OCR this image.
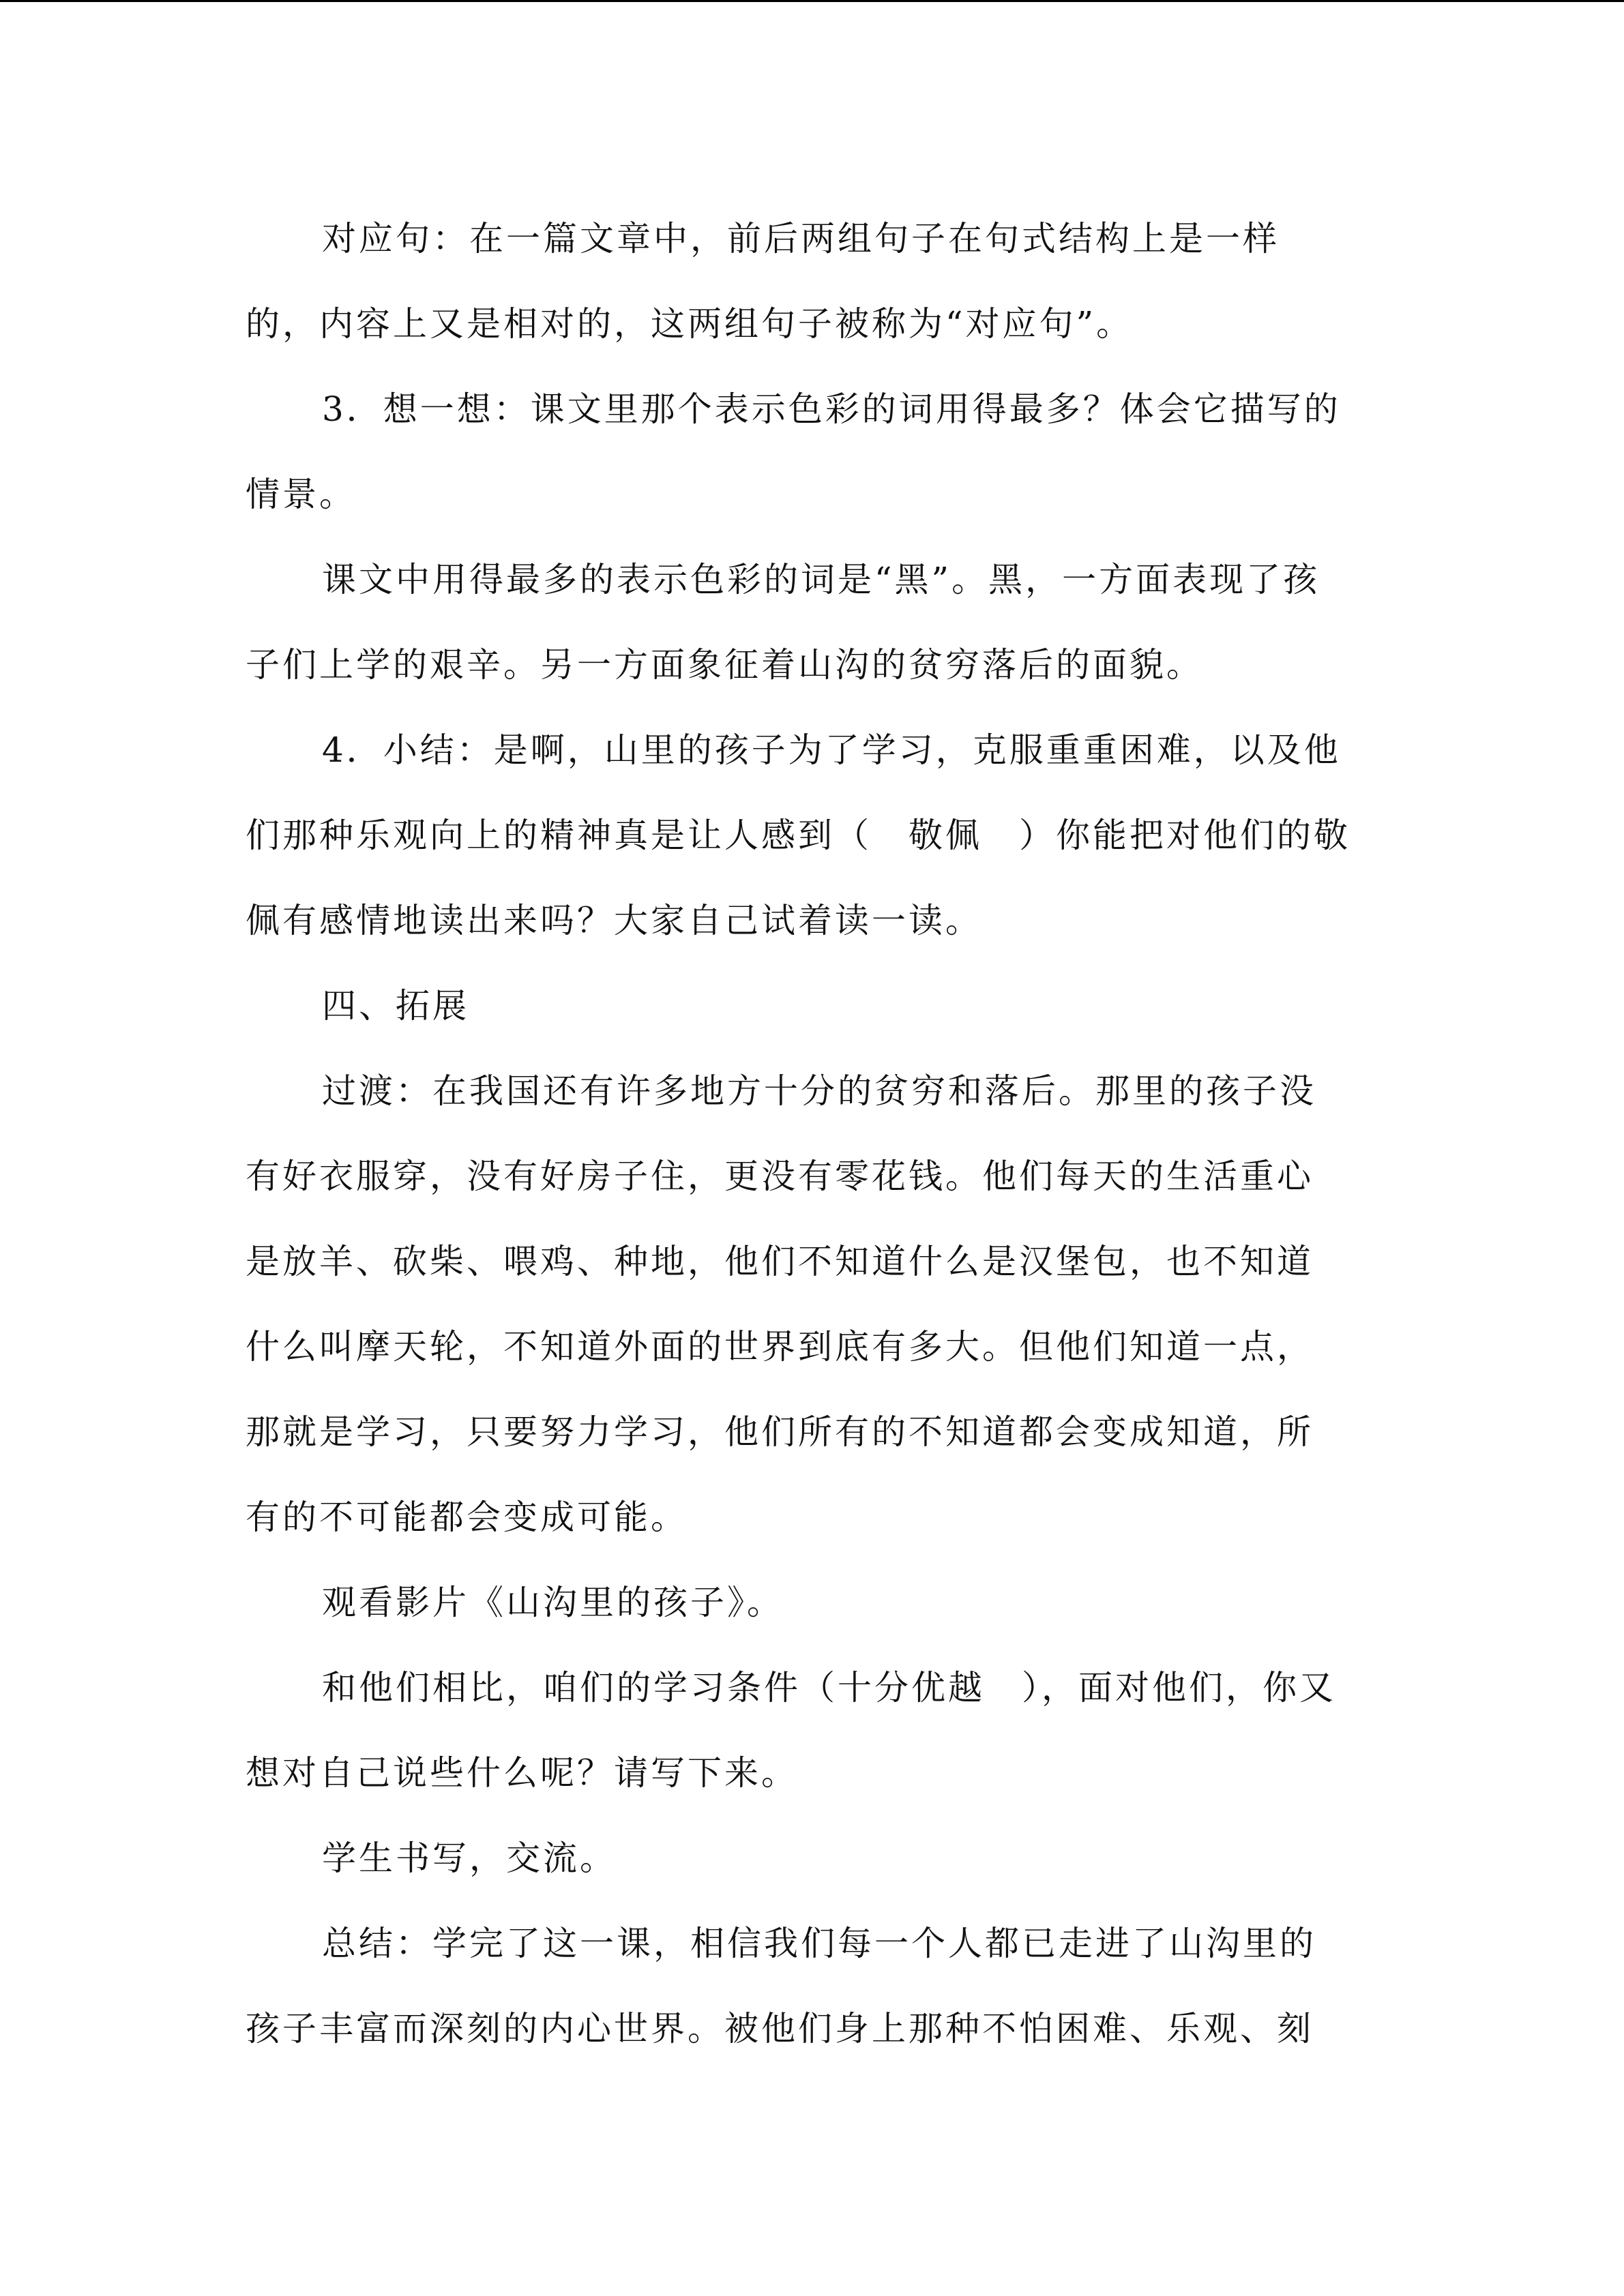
对应句：在一篇文章中，前后两组句子在句式结构上是一样

的，内容上又是相对的，这两组句子被称为“对应句”。

3．想一想：课文里那个表示色彩的词用得最多？体会它描写的

情景。

课文中用得最多的表示色彩的词是“黑”。黑，一方面表现了孩

子们上学的艰辛。另一方面象征着山沟的贫穷落后的面貌。

4．小结：是啊，山里的孩子为了学习，克服重重困难，以及他

们那种乐观向上的精神真是让人感到（　敬佩　）你能把对他们的敬

佩有感情地读出来吗？大家自己试着读一读。

四、拓展

过渡：在我国还有许多地方十分的贫穷和落后。那里的孩子没

有好衣服穿，没有好房子住，更没有零花钱。他们每天的生活重心

是放羊、砍柴、喂鸡、种地，他们不知道什么是汉堡包，也不知道

什么叫摩天轮，不知道外面的世界到底有多大。但他们知道一点，

那就是学习，只要努力学习，他们所有的不知道都会变成知道，所

有的不可能都会变成可能。

观看影片《山沟里的孩子》。

和他们相比，咱们的学习条件（十分优越　），面对他们，你又

想对自己说些什么呢？请写下来。

学生书写，交流。

总结：学完了这一课，相信我们每一个人都已走进了山沟里的

孩子丰富而深刻的内心世界。被他们身上那种不怕困难、乐观、刻
